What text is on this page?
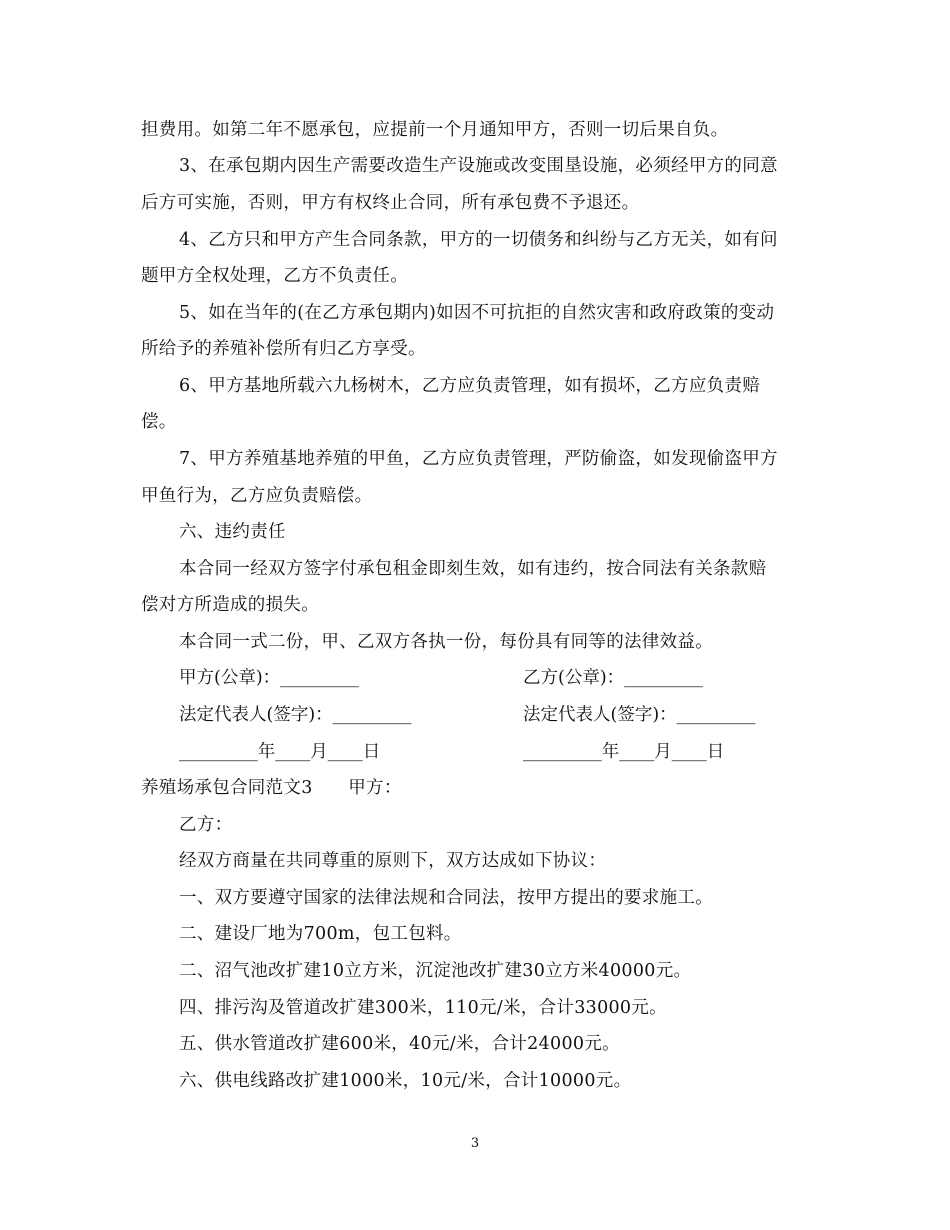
担费用。如第二年不愿承包，应提前一个月通知甲方，否则一切后果自负。
3、在承包期内因生产需要改造生产设施或改变围垦设施，必须经甲方的同意
后方可实施，否则，甲方有权终止合同，所有承包费不予退还。
4、乙方只和甲方产生合同条款，甲方的一切债务和纠纷与乙方无关，如有问
题甲方全权处理，乙方不负责任。
5、如在当年的(在乙方承包期内)如因不可抗拒的自然灾害和政府政策的变动
所给予的养殖补偿所有归乙方享受。
6、甲方基地所载六九杨树木，乙方应负责管理，如有损坏，乙方应负责赔
偿。
7、甲方养殖基地养殖的甲鱼，乙方应负责管理，严防偷盗，如发现偷盗甲方
甲鱼行为，乙方应负责赔偿。
六、违约责任
本合同一经双方签字付承包租金即刻生效，如有违约，按合同法有关条款赔
偿对方所造成的损失。
本合同一式二份，甲、乙双方各执一份，每份具有同等的法律效益。
甲方(公章)：_________	乙方(公章)：_________
法定代表人(签字)：_________	法定代表人(签字)：_________
_________年____月____日	_________年____月____日
养殖场承包合同范文3　　甲方：
乙方：
经双方商量在共同尊重的原则下，双方达成如下协议：
一、双方要遵守国家的法律法规和合同法，按甲方提出的要求施工。
二、建设厂地为700m，包工包料。
二、沼气池改扩建10立方米，沉淀池改扩建30立方米40000元。
四、排污沟及管道改扩建300米，110元/米，合计33000元。
五、供水管道改扩建600米，40元/米，合计24000元。
六、供电线路改扩建1000米，10元/米，合计10000元。
3
